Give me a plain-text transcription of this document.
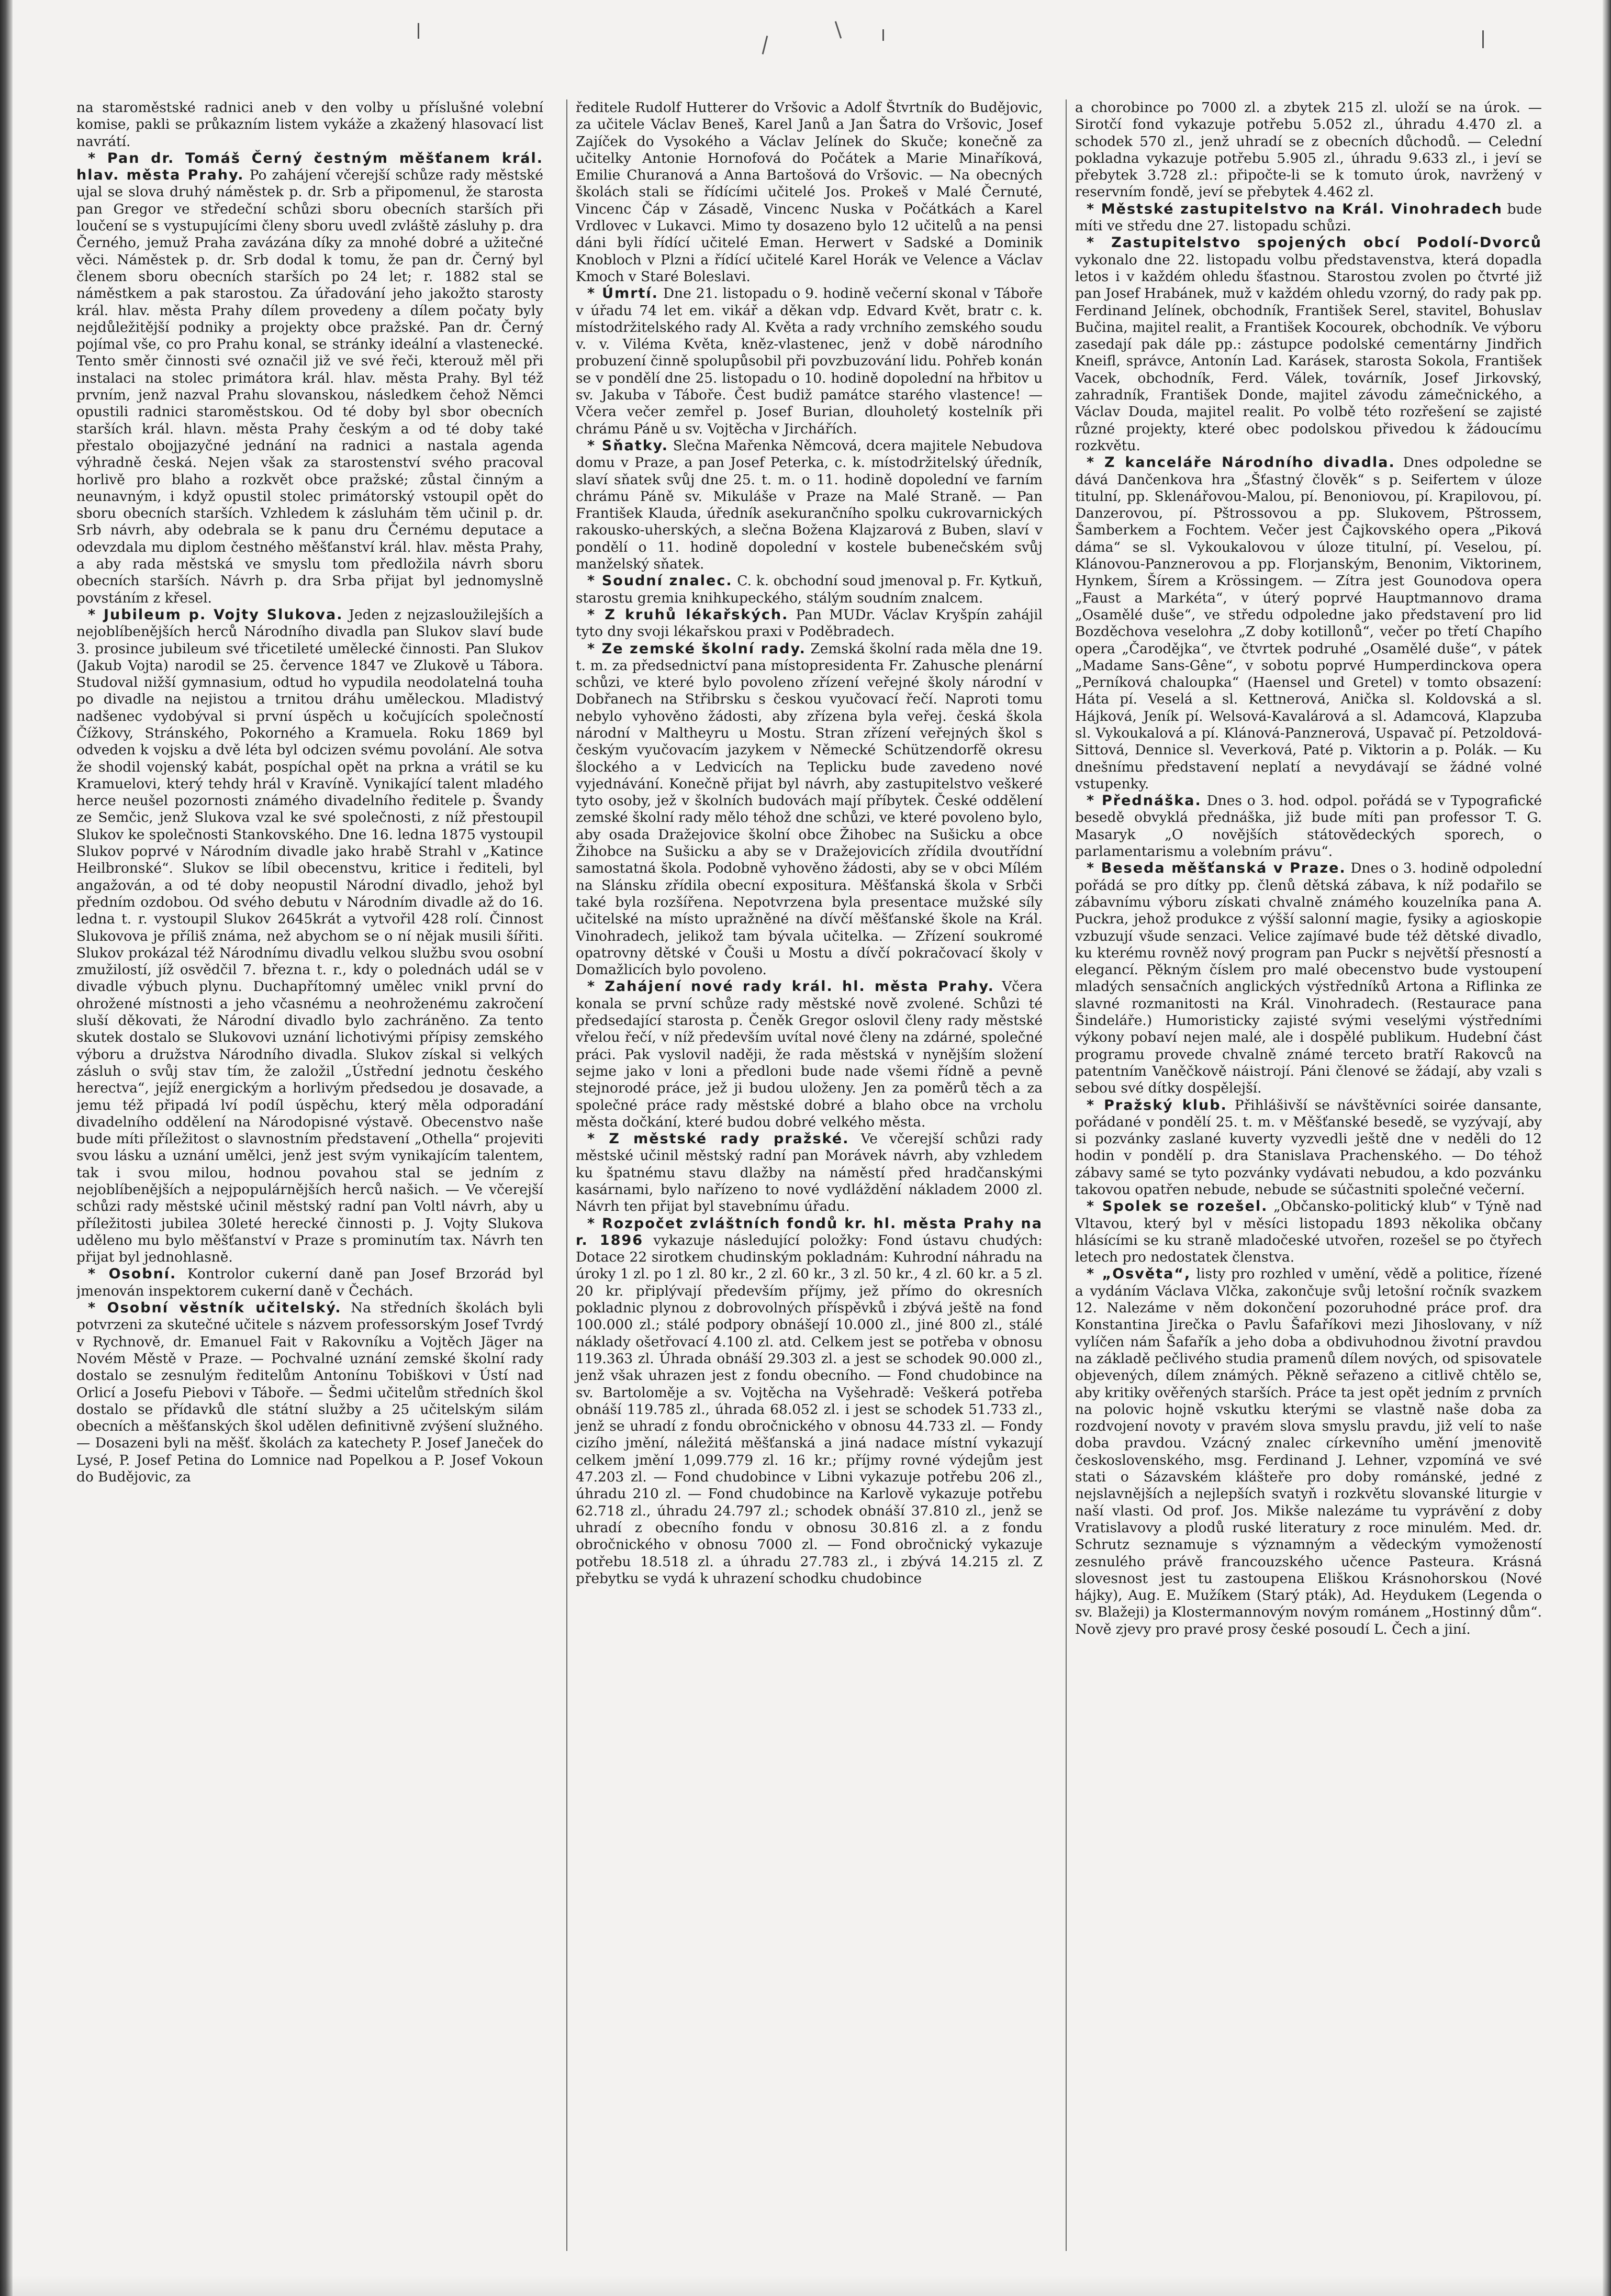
na staroměstské radnici aneb v den volby u příslušné volební komise, pakli se průkazním listem vykáže a zkažený hlasovací list navrátí.

* Pan dr. Tomáš Černý čestným měšťanem král. hlav. města Prahy. Po zahájení včerejší schůze rady městské ujal se slova druhý náměstek p. dr. Srb a připomenul, že starosta pan Gregor ve středeční schůzi sboru obecních starších při loučení se s vystupujícími členy sboru uvedl zvláště zásluhy p. dra Černého, jemuž Praha zavázána díky za mnohé dobré a užitečné věci. Náměstek p. dr. Srb dodal k tomu, že pan dr. Černý byl členem sboru obecních starších po 24 let; r. 1882 stal se náměstkem a pak starostou. Za úřadování jeho jakožto starosty král. hlav. města Prahy dílem provedeny a dílem počaty byly nejdůležitější podniky a projekty obce pražské. Pan dr. Černý pojímal vše, co pro Prahu konal, se stránky ideální a vlastenecké. Tento směr činnosti své označil již ve své řeči, kterouž měl při instalaci na stolec primátora král. hlav. města Prahy. Byl též prvním, jenž nazval Prahu slovanskou, následkem čehož Němci opustili radnici staroměstskou. Od té doby byl sbor obecních starších král. hlavn. města Prahy českým a od té doby také přestalo obojjazyčné jednání na radnici a nastala agenda výhradně česká. Nejen však za starostenství svého pracoval horlivě pro blaho a rozkvět obce pražské; zůstal činným a neunavným, i když opustil stolec primátorský vstoupil opět do sboru obecních starších. Vzhledem k zásluhám těm učinil p. dr. Srb návrh, aby odebrala se k panu dru Černému deputace a odevzdala mu diplom čestného měšťanství král. hlav. města Prahy, a aby rada městská ve smyslu tom předložila návrh sboru obecních starších. Návrh p. dra Srba přijat byl jednomyslně povstáním z křesel.

* Jubileum p. Vojty Slukova. Jeden z nejzasloužilejších a nejoblíbenějších herců Národního divadla pan Slukov slaví bude 3. prosince jubileum své třicetileté umělecké činnosti. Pan Slukov (Jakub Vojta) narodil se 25. července 1847 ve Zlukově u Tábora. Studoval nižší gymnasium, odtud ho vypudila neodolatelná touha po divadle na nejistou a trnitou dráhu uměleckou. Mladistvý nadšenec vydobýval si první úspěch u kočujících společností Čížkovy, Stránského, Pokorného a Kramuela. Roku 1869 byl odveden k vojsku a dvě léta byl odcizen svému povolání. Ale sotva že shodil vojenský kabát, pospíchal opět na prkna a vrátil se ku Kramuelovi, který tehdy hrál v Kravíně. Vynikající talent mladého herce neušel pozornosti známého divadelního ředitele p. Švandy ze Semčic, jenž Slukova vzal ke své společnosti, z níž přestoupil Slukov ke společnosti Stankovského. Dne 16. ledna 1875 vystoupil Slukov poprvé v Národním divadle jako hrabě Strahl v „Katince Heilbronské“. Slukov se líbil obecenstvu, kritice i řediteli, byl angažován, a od té doby neopustil Národní divadlo, jehož byl předním ozdobou. Od svého debutu v Národním divadle až do 16. ledna t. r. vystoupil Slukov 2645krát a vytvořil 428 rolí. Činnost Slukovova je příliš známa, než abychom se o ní nějak musili šířiti. Slukov prokázal též Národnímu divadlu velkou službu svou osobní zmužilostí, jíž osvědčil 7. března t. r., kdy o polednách udál se v divadle výbuch plynu. Duchapřítomný umělec vnikl první do ohrožené místnosti a jeho včasnému a neohroženému zakročení sluší děkovati, že Národní divadlo bylo zachráněno. Za tento skutek dostalo se Slukovovi uznání lichotivými přípisy zemského výboru a družstva Národního divadla. Slukov získal si velkých zásluh o svůj stav tím, že založil „Ústřední jednotu českého herectva“, jejíž energickým a horlivým předsedou je dosavade, a jemu též připadá lví podíl úspěchu, který měla odporadání divadelního oddělení na Národopisné výstavě. Obecenstvo naše bude míti příležitost o slavnostním představení „Othella“ projeviti svou lásku a uznání umělci, jenž jest svým vynikajícím talentem, tak i svou milou, hodnou povahou stal se jedním z nejoblíbenějších a nejpopulárnějších herců našich. — Ve včerejší schůzi rady městské učinil městský radní pan Voltl návrh, aby u příležitosti jubilea 30leté herecké činnosti p. J. Vojty Slukova uděleno mu bylo měšťanství v Praze s prominutím tax. Návrh ten přijat byl jednohlasně.

* Osobní. Kontrolor cukerní daně pan Josef Brzorád byl jmenován inspektorem cukerní daně v Čechách.

* Osobní věstník učitelský. Na středních školách byli potvrzeni za skutečné učitele s názvem professorským Josef Tvrdý v Rychnově, dr. Emanuel Fait v Rakovníku a Vojtěch Jäger na Novém Městě v Praze. — Pochvalné uznání zemské školní rady dostalo se zesnulým ředitelům Antonínu Tobiškovi v Ústí nad Orlicí a Josefu Piebovi v Táboře. — Šedmi učitelům středních škol dostalo se přídavků dle státní služby a 25 učitelským silám obecních a měšťanských škol udělen definitivně zvýšení služného. — Dosazeni byli na měšť. školách za katechety P. Josef Janeček do Lysé, P. Josef Petina do Lomnice nad Popelkou a P. Josef Vokoun do Budějovic, za

ředitele Rudolf Hutterer do Vršovic a Adolf Štvrtník do Budějovic, za učitele Václav Beneš, Karel Janů a Jan Šatra do Vršovic, Josef Zajíček do Vysokého a Václav Jelínek do Skuče; konečně za učitelky Antonie Hornofová do Počátek a Marie Minaříková, Emilie Churanová a Anna Bartošová do Vršovic. — Na obecných školách stali se řídícími učitelé Jos. Prokeš v Malé Černuté, Vincenc Čáp v Zásadě, Vincenc Nuska v Počátkách a Karel Vrdlovec v Lukavci. Mimo ty dosazeno bylo 12 učitelů a na pensi dáni byli řídící učitelé Eman. Herwert v Sadské a Dominik Knobloch v Plzni a řídící učitelé Karel Horák ve Velence a Václav Kmoch v Staré Boleslavi.

* Úmrtí. Dne 21. listopadu o 9. hodině večerní skonal v Táboře v úřadu 74 let em. vikář a děkan vdp. Edvard Květ, bratr c. k. místodržitelského rady Al. Květa a rady vrchního zemského soudu v. v. Viléma Květa, kněz-vlastenec, jenž v době národního probuzení činně spolupůsobil při povzbuzování lidu. Pohřeb konán se v pondělí dne 25. listopadu o 10. hodině dopolední na hřbitov u sv. Jakuba v Táboře. Čest budiž památce starého vlastence! — Včera večer zemřel p. Josef Burian, dlouholetý kostelník při chrámu Páně u sv. Vojtěcha v Jirchářích.

* Sňatky. Slečna Mařenka Němcová, dcera majitele Nebudova domu v Praze, a pan Josef Peterka, c. k. místodržitelský úředník, slaví sňatek svůj dne 25. t. m. o 11. hodině dopolední ve farním chrámu Páně sv. Mikuláše v Praze na Malé Straně. — Pan František Klauda, úředník asekurančního spolku cukrovarnických rakousko-uherských, a slečna Božena Klajzarová z Buben, slaví v pondělí o 11. hodině dopolední v kostele bubenečském svůj manželský sňatek.

* Soudní znalec. C. k. obchodní soud jmenoval p. Fr. Kytkuň, starostu gremia knihkupeckého, stálým soudním znalcem.

* Z kruhů lékařských. Pan MUDr. Václav Kryšpín zahájil tyto dny svoji lékařskou praxi v Poděbradech.

* Ze zemské školní rady. Zemská školní rada měla dne 19. t. m. za předsednictví pana místopresidenta Fr. Zahusche plenární schůzi, ve které bylo povoleno zřízení veřejné školy národní v Dobřanech na Střibrsku s českou vyučovací řečí. Naproti tomu nebylo vyhověno žádosti, aby zřízena byla veřej. česká škola národní v Maltheyru u Mostu. Stran zřízení veřejných škol s českým vyučovacím jazykem v Německé Schützendorfě okresu šlockého a v Ledvicích na Teplicku bude zavedeno nové vyjednávání. Konečně přijat byl návrh, aby zastupitelstvo veškeré tyto osoby, jež v školních budovách mají příbytek. České oddělení zemské školní rady mělo téhož dne schůzi, ve které povoleno bylo, aby osada Dražejovice školní obce Žihobec na Sušicku a obce Žihobce na Sušicku a aby se v Dražejovicích zřídila dvoutřídní samostatná škola. Podobně vyhověno žádosti, aby se v obci Mílém na Slánsku zřídila obecní expositura. Měšťanská škola v Srbči také byla rozšířena. Nepotvrzena byla presentace mužské síly učitelské na místo upražněné na dívčí měšťanské škole na Král. Vinohradech, jelikož tam bývala učitelka. — Zřízení soukromé opatrovny dětské v Čouši u Mostu a dívčí pokračovací školy v Domažlicích bylo povoleno.

* Zahájení nové rady král. hl. města Prahy. Včera konala se první schůze rady městské nově zvolené. Schůzi té předsedající starosta p. Čeněk Gregor oslovil členy rady městské vřelou řečí, v níž především uvítal nové členy na zdárné, společné práci. Pak vyslovil naději, že rada městská v nynějším složení sejme jako v loni a předloni bude nade všemi řídně a pevně stejnorodé práce, jež ji budou uloženy. Jen za poměrů těch a za společné práce rady městské dobré a blaho obce na vrcholu města dočkání, které budou dobré velkého města.

* Z městské rady pražské. Ve včerejší schůzi rady městské učinil městský radní pan Morávek návrh, aby vzhledem ku špatnému stavu dlažby na náměstí před hradčanskými kasárnami, bylo nařízeno to nové vydláždění nákladem 2000 zl. Návrh ten přijat byl stavebnímu úřadu.

* Rozpočet zvláštních fondů kr. hl. města Prahy na r. 1896 vykazuje následující položky: Fond ústavu chudých: Dotace 22 sirotkem chudinským pokladnám: Kuhrodní náhradu na úroky 1 zl. po 1 zl. 80 kr., 2 zl. 60 kr., 3 zl. 50 kr., 4 zl. 60 kr. a 5 zl. 20 kr. připlývají především příjmy, jež přímo do okresních pokladnic plynou z dobrovolných příspěvků i zbývá ještě na fond 100.000 zl.; stálé podpory obnášejí 10.000 zl., jiné 800 zl., stálé náklady ošetřovací 4.100 zl. atd. Celkem jest se potřeba v obnosu 119.363 zl. Úhrada obnáší 29.303 zl. a jest se schodek 90.000 zl., jenž však uhrazen jest z fondu obecního. — Fond chudobince na sv. Bartoloměje a sv. Vojtěcha na Vyšehradě: Veškerá potřeba obnáší 119.785 zl., úhrada 68.052 zl. i jest se schodek 51.733 zl., jenž se uhradí z fondu obročnického v obnosu 44.733 zl. — Fondy cizího jmění, náležitá měšťanská a jiná nadace místní vykazují celkem jmění 1,099.779 zl. 16 kr.; příjmy rovné výdejům jest 47.203 zl. — Fond chudobince v Libni vykazuje potřebu 206 zl., úhradu 210 zl. — Fond chudobince na Karlově vykazuje potřebu 62.718 zl., úhradu 24.797 zl.; schodek obnáší 37.810 zl., jenž se uhradí z obecního fondu v obnosu 30.816 zl. a z fondu obročnického v obnosu 7000 zl. — Fond obročnický vykazuje potřebu 18.518 zl. a úhradu 27.783 zl., i zbývá 14.215 zl. Z přebytku se vydá k uhrazení schodku chudobince

a chorobince po 7000 zl. a zbytek 215 zl. uloží se na úrok. — Sirotčí fond vykazuje potřebu 5.052 zl., úhradu 4.470 zl. a schodek 570 zl., jenž uhradí se z obecních důchodů. — Celední pokladna vykazuje potřebu 5.905 zl., úhradu 9.633 zl., i jeví se přebytek 3.728 zl.: připočte-li se k tomuto úrok, navržený v reservním fondě, jeví se přebytek 4.462 zl.

* Městské zastupitelstvo na Král. Vinohradech bude míti ve středu dne 27. listopadu schůzi.

* Zastupitelstvo spojených obcí Podolí-Dvorců vykonalo dne 22. listopadu volbu představenstva, která dopadla letos i v každém ohledu šťastnou. Starostou zvolen po čtvrté již pan Josef Hrabánek, muž v každém ohledu vzorný, do rady pak pp. Ferdinand Jelínek, obchodník, František Serel, stavitel, Bohuslav Bučina, majitel realit, a František Kocourek, obchodník. Ve výboru zasedají pak dále pp.: zástupce podolské cementárny Jindřich Kneifl, správce, Antonín Lad. Karásek, starosta Sokola, František Vacek, obchodník, Ferd. Válek, továrník, Josef Jirkovský, zahradník, František Donde, majitel závodu zámečnického, a Václav Douda, majitel realit. Po volbě této rozřešení se zajisté různé projekty, které obec podolskou přivedou k žádoucímu rozkvětu.

* Z kanceláře Národního divadla. Dnes odpoledne se dává Dančenkova hra „Šťastný člověk“ s p. Seifertem v úloze titulní, pp. Sklenářovou-Malou, pí. Benoniovou, pí. Krapilovou, pí. Danzerovou, pí. Pštrossovou a pp. Slukovem, Pštrossem, Šamberkem a Fochtem. Večer jest Čajkovského opera „Piková dáma“ se sl. Vykoukalovou v úloze titulní, pí. Veselou, pí. Klánovou-Panznerovou a pp. Florjanským, Benonim, Viktorinem, Hynkem, Šírem a Krössingem. — Zítra jest Gounodova opera „Faust a Markéta“, v úterý poprvé Hauptmannovo drama „Osamělé duše“, ve středu odpoledne jako představení pro lid Bozděchova veselohra „Z doby kotillonů“, večer po třetí Chapího opera „Čarodějka“, ve čtvrtek podruhé „Osamělé duše“, v pátek „Madame Sans-Gêne“, v sobotu poprvé Humperdinckova opera „Perníková chaloupka“ (Haensel und Gretel) v tomto obsazení: Háta pí. Veselá a sl. Kettnerová, Anička sl. Koldovská a sl. Hájková, Jeník pí. Welsová-Kavalárová a sl. Adamcová, Klapzuba sl. Vykoukalová a pí. Klánová-Panznerová, Uspavač pí. Petzoldová-Sittová, Dennice sl. Veverková, Paté p. Viktorin a p. Polák. — Ku dnešnímu představení neplatí a nevydávají se žádné volné vstupenky.

* Přednáška. Dnes o 3. hod. odpol. pořádá se v Typografické besedě obvyklá přednáška, již bude míti pan professor T. G. Masaryk „O novějších státovědeckých sporech, o parlamentarismu a volebním právu“.

* Beseda měšťanská v Praze. Dnes o 3. hodině odpolední pořádá se pro dítky pp. členů dětská zábava, k níž podařilo se zábavnímu výboru získati chvalně známého kouzelníka pana A. Puckra, jehož produkce z výšší salonní magie, fysiky a agioskopie vzbuzují všude senzaci. Velice zajímavé bude též dětské divadlo, ku kterému rovněž nový program pan Puckr s největší přesností a elegancí. Pěkným číslem pro malé obecenstvo bude vystoupení mladých sensačních anglických výstředníků Artona a Riflinka ze slavné rozmanitosti na Král. Vinohradech. (Restaurace pana Šindeláře.) Humoristicky zajisté svými veselými výstředními výkony pobaví nejen malé, ale i dospělé publikum. Hudební část programu provede chvalně známé terceto bratří Rakovců na patentním Vaněčkově náistrojí. Páni členové se žádají, aby vzali s sebou své dítky dospělejší.

* Pražský klub. Přihlášivší se návštěvníci soirée dansante, pořádané v pondělí 25. t. m. v Měšťanské besedě, se vyzývají, aby si pozvánky zaslané kuverty vyzvedli ještě dne v neděli do 12 hodin v pondělí p. dra Stanislava Prachenského. — Do téhož zábavy samé se tyto pozvánky vydávati nebudou, a kdo pozvánku takovou opatřen nebude, nebude se súčastniti společné večerní.

* Spolek se rozešel. „Občansko-politický klub“ v Týně nad Vltavou, který byl v měsíci listopadu 1893 několika občany hlásícími se ku straně mladočeské utvořen, rozešel se po čtyřech letech pro nedostatek členstva.

* „Osvěta“, listy pro rozhled v umění, vědě a politice, řízené a vydáním Václava Vlčka, zakončuje svůj letošní ročník svazkem 12. Nalezáme v něm dokončení pozoruhodné práce prof. dra Konstantina Jirečka o Pavlu Šafaříkovi mezi Jihoslovany, v níž vylíčen nám Šafařík a jeho doba a obdivuhodnou životní pravdou na základě pečlivého studia pramenů dílem nových, od spisovatele objevených, dílem známých. Pěkně seřazeno a citlivě chtělo se, aby kritiky ověřených starších. Práce ta jest opět jedním z prvních na polovic hojně vskutku kterými se vlastně naše doba za rozdvojení novoty v pravém slova smyslu pravdu, již velí to naše doba pravdou. Vzácný znalec církevního umění jmenovitě československého, msg. Ferdinand J. Lehner, vzpomíná ve své stati o Sázavském klášteře pro doby románské, jedné z nejslavnějších a nejlepších svatyň i rozkvětu slovanské liturgie v naší vlasti. Od prof. Jos. Mikše nalezáme tu vyprávění z doby Vratislavovy a plodů ruské literatury z roce minulém. Med. dr. Schrutz seznamuje s významným a vědeckým vymožeností zesnulého právě francouzského učence Pasteura. Krásná slovesnost jest tu zastoupena Eliškou Krásnohorskou (Nové hájky), Aug. E. Mužíkem (Starý pták), Ad. Heydukem (Legenda o sv. Blažeji) ja Klostermannovým novým románem „Hostinný dům“. Nově zjevy pro pravé prosy české posoudí L. Čech a jiní.
